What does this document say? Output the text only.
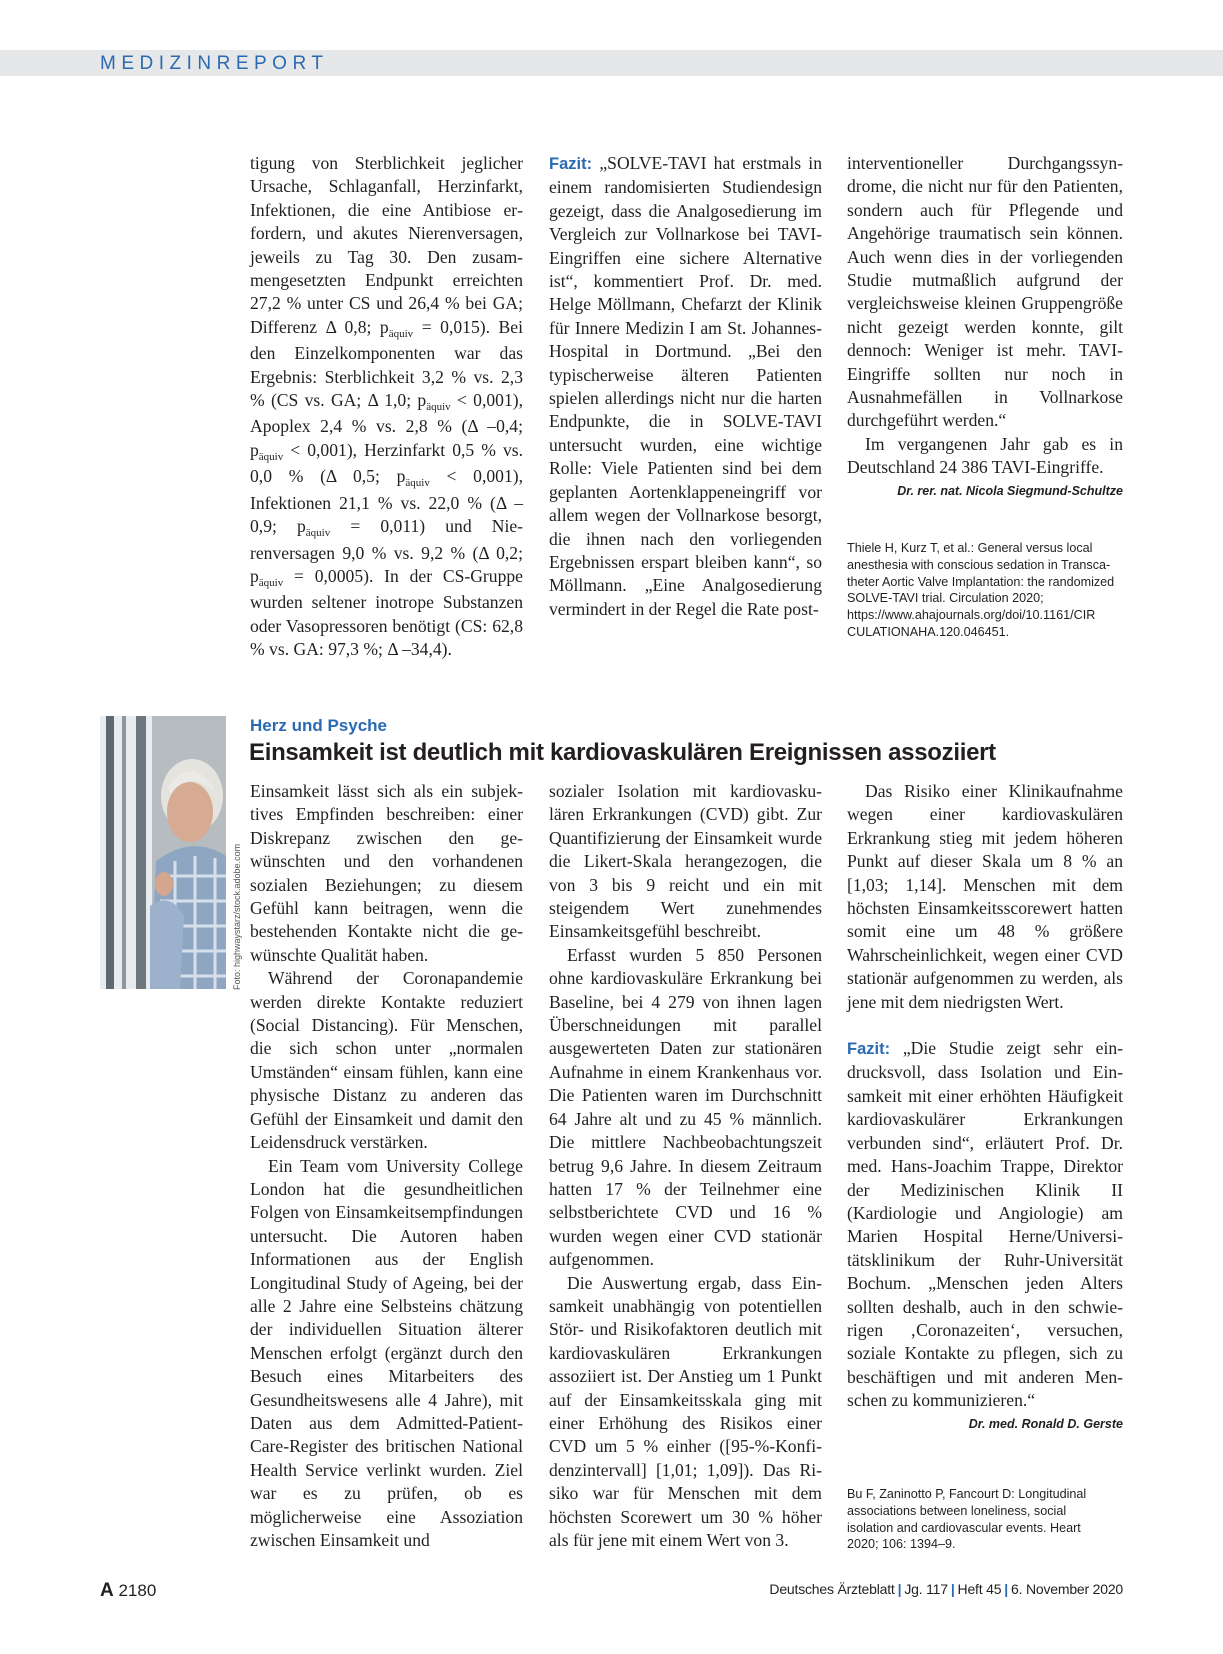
MEDIZINREPORT

tigung von Sterblichkeit jeglicher Ursache, Schlaganfall, Herzinfarkt, Infektionen, die eine Antibiose erfordern, und akutes Nierenversagen, jeweils zu Tag 30. Den zusammengesetzten Endpunkt erreichten 27,2 % unter CS und 26,4 % bei GA; Differenz Δ 0,8; $p_{äquiv} = 0,015$). Bei den Einzelkomponenten war das Ergebnis: Sterblichkeit 3,2 % vs. 2,3 % (CS vs. GA; Δ 1,0; $p_{äquiv} < 0,001$), Apoplex 2,4 % vs. 2,8 % (Δ –0,4; $p_{äquiv} < 0,001$), Herzinfarkt 0,5 % vs. 0,0 % (Δ 0,5; $p_{äquiv} < 0,001$), Infektionen 21,1 % vs. 22,0 % (Δ –0,9; $p_{äquiv} = 0,011$) und Nierenversagen 9,0 % vs. 9,2 % (Δ 0,2; $p_{äquiv} = 0,0005$). In der CS-Gruppe wurden seltener inotrope Substanzen oder Vasopressoren benötigt (CS: 62,8 % vs. GA: 97,3 %; Δ –34,4).

Fazit: „SOLVE-TAVI hat erstmals in einem randomisierten Studiendesign gezeigt, dass die Analgosedierung im Vergleich zur Vollnarkose bei TAVI-Eingriffen eine sichere Alternative ist“, kommentiert Prof. Dr. med. Helge Möllmann, Chefarzt der Klinik für Innere Medizin I am St. Johannes-Hospital in Dortmund. „Bei den typischerweise älteren Patienten spielen allerdings nicht nur die harten Endpunkte, die in SOLVE-TAVI untersucht wurden, eine wichtige Rolle: Viele Patienten sind bei dem geplanten Aortenklappeneingriff vor allem wegen der Vollnarkose besorgt, die ihnen nach den vorliegenden Ergebnissen erspart bleiben kann“, so Möllmann. „Eine Analgosedierung vermindert in der Regel die Rate post-

interventioneller Durchgangssyndrome, die nicht nur für den Patienten, sondern auch für Pflegende und Angehörige traumatisch sein können. Auch wenn dies in der vorliegenden Studie mutmaßlich aufgrund der vergleichsweise kleinen Gruppengröße nicht gezeigt werden konnte, gilt dennoch: Weniger ist mehr. TAVI-Eingriffe sollten nur noch in Ausnahmefällen in Vollnarkose durchgeführt werden.“

Im vergangenen Jahr gab es in Deutschland 24 386 TAVI-Eingriffe.
Dr. rer. nat. Nicola Siegmund-Schultze

Thiele H, Kurz T, et al.: General versus local anesthesia with conscious sedation in Transcatheter Aortic Valve Implantation: the randomized SOLVE-TAVI trial. Circulation 2020; https://www.ahajournals.org/doi/10.1161/CIR CULATIONAHA.120.046451.
Foto: highwaystarz/stock.adobe.com
Herz und Psyche
Einsamkeit ist deutlich mit kardiovaskulären Ereignissen assoziiert

Einsamkeit lässt sich als ein subjektives Empfinden beschreiben: einer Diskrepanz zwischen den gewünschten und den vorhandenen sozialen Beziehungen; zu diesem Gefühl kann beitragen, wenn die bestehenden Kontakte nicht die gewünschte Qualität haben.

Während der Coronapandemie werden direkte Kontakte reduziert (Social Distancing). Für Menschen, die sich schon unter „normalen Umständen“ einsam fühlen, kann eine physische Distanz zu anderen das Gefühl der Einsamkeit und damit den Leidensdruck verstärken.

Ein Team vom University College London hat die gesundheitlichen Folgen von Einsamkeitsempfindungen untersucht. Die Autoren haben Informationen aus der English Longitudinal Study of Ageing, bei der alle 2 Jahre eine Selbsteins chätzung der individuellen Situation älterer Menschen erfolgt (ergänzt durch den Besuch eines Mitarbeiters des Gesundheitswesens alle 4 Jahre), mit Daten aus dem Admitted-Patient-Care-Register des britischen National Health Service verlinkt wurden. Ziel war es zu prüfen, ob es möglicherweise eine Assoziation zwischen Einsamkeit und

sozialer Isolation mit kardiovaskulären Erkrankungen (CVD) gibt. Zur Quantifizierung der Einsamkeit wurde die Likert-Skala herangezogen, die von 3 bis 9 reicht und ein mit steigendem Wert zunehmendes Einsamkeitsgefühl beschreibt.

Erfasst wurden 5 850 Personen ohne kardiovaskuläre Erkrankung bei Baseline, bei 4 279 von ihnen lagen Überschneidungen mit parallel ausgewerteten Daten zur stationären Aufnahme in einem Krankenhaus vor. Die Patienten waren im Durchschnitt 64 Jahre alt und zu 45 % männlich. Die mittlere Nachbeobachtungszeit betrug 9,6 Jahre. In diesem Zeitraum hatten 17 % der Teilnehmer eine selbstberichtete CVD und 16 % wurden wegen einer CVD stationär aufgenommen.

Die Auswertung ergab, dass Einsamkeit unabhängig von potentiellen Stör- und Risikofaktoren deutlich mit kardiovaskulären Erkrankungen assoziiert ist. Der Anstieg um 1 Punkt auf der Einsamkeitsskala ging mit einer Erhöhung des Risikos einer CVD um 5 % einher ([95-%-Konfidenzintervall] [1,01; 1,09]). Das Risiko war für Menschen mit dem höchsten Scorewert um 30 % höher als für jene mit einem Wert von 3.

Das Risiko einer Klinikaufnahme wegen einer kardiovaskulären Erkrankung stieg mit jedem höheren Punkt auf dieser Skala um 8 % an [1,03; 1,14]. Menschen mit dem höchsten Einsamkeitsscorewert hatten somit eine um 48 % größere Wahrscheinlichkeit, wegen einer CVD stationär aufgenommen zu werden, als jene mit dem niedrigsten Wert.

Fazit: „Die Studie zeigt sehr eindrucksvoll, dass Isolation und Einsamkeit mit einer erhöhten Häufigkeit kardiovaskulärer Erkrankungen verbunden sind“, erläutert Prof. Dr. med. Hans-Joachim Trappe, Direktor der Medizinischen Klinik II (Kardiologie und Angiologie) am Marien Hospital Herne/Universitätsklinikum der Ruhr-Universität Bochum. „Menschen jeden Alters sollten deshalb, auch in den schwierigen ‚Coronazeiten‘, versuchen, soziale Kontakte zu pflegen, sich zu beschäftigen und mit anderen Menschen zu kommunizieren.“

Dr. med. Ronald D. Gerste
Bu F, Zaninotto P, Fancourt D: Longitudinal associations between loneliness, social isolation and cardiovascular events. Heart 2020; 106: 1394–9.
A 2180	Deutsches Ärzteblatt | Jg. 117 | Heft 45 | 6. November 2020
